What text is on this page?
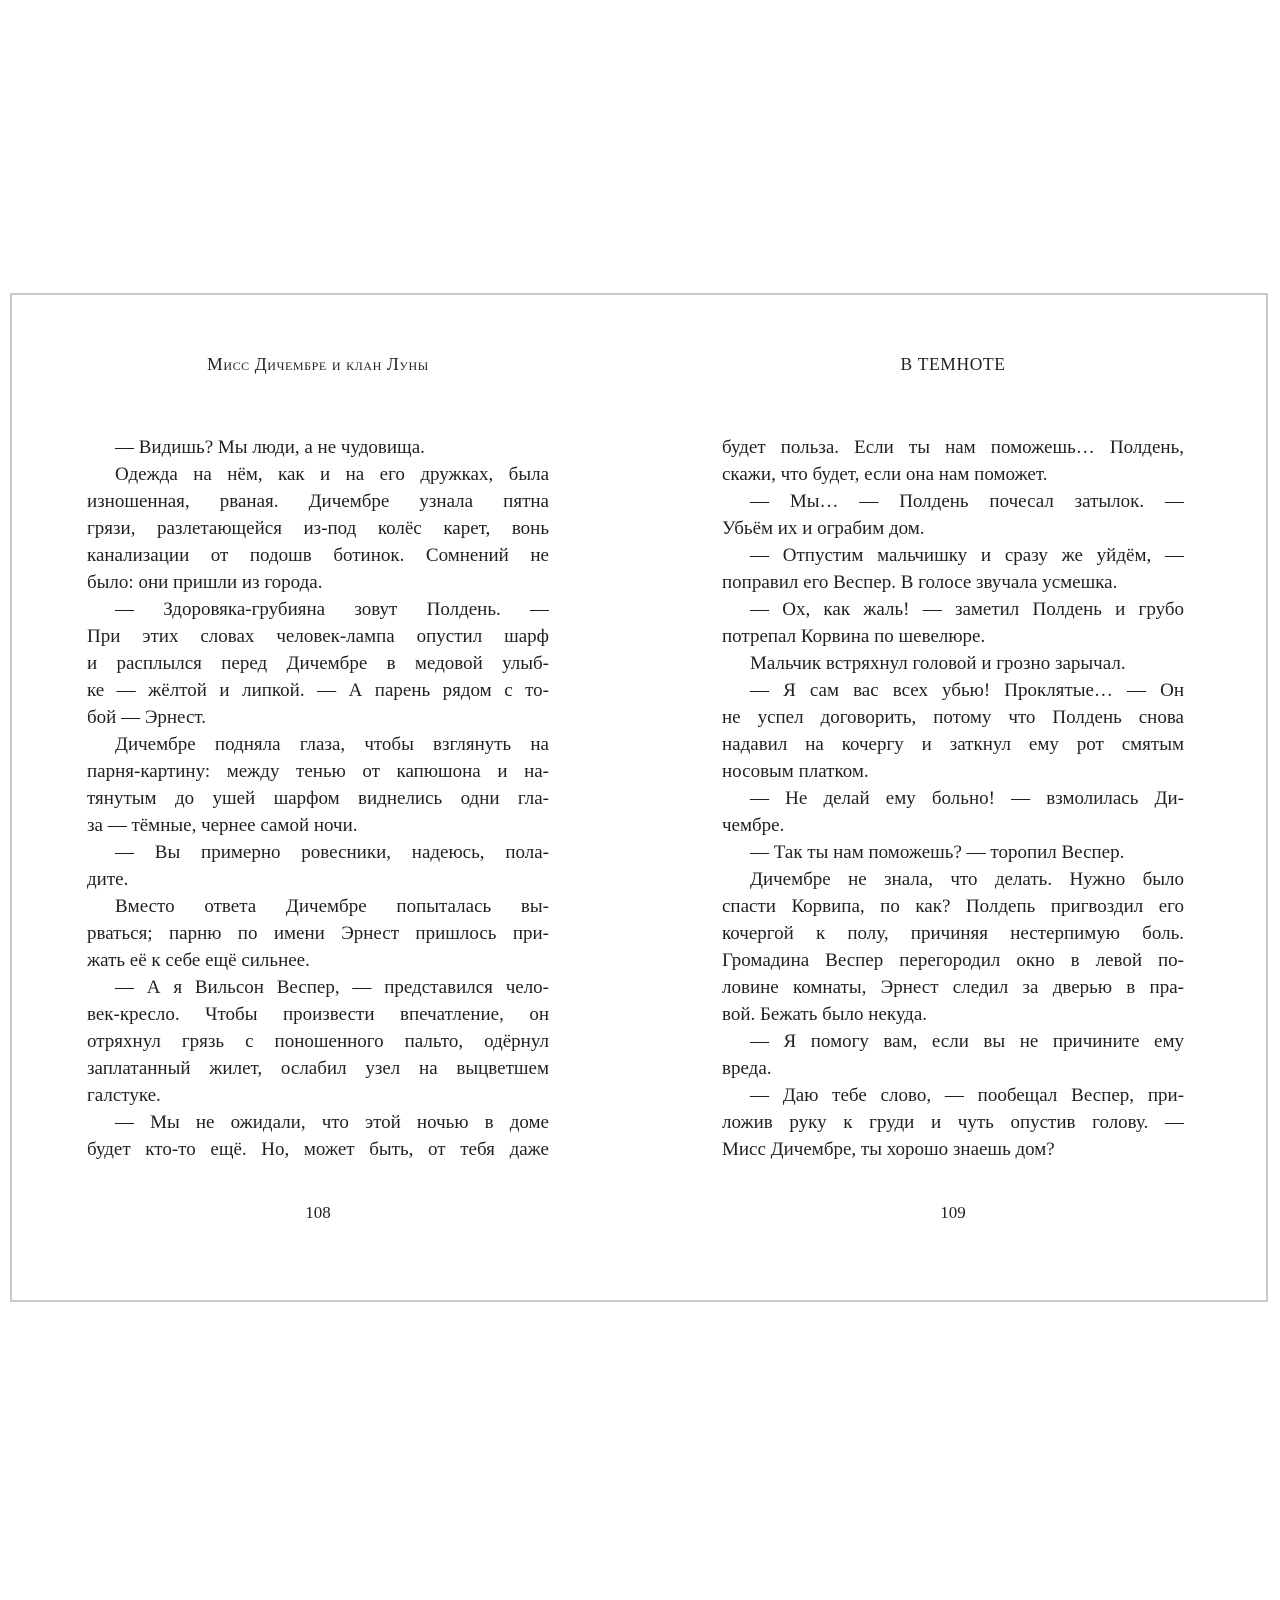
Мисс Дичембре и клан Луны
— Видишь? Мы люди, а не чудовища.
Одежда на нём, как и на его дружках, была
изношенная, рваная. Дичембре узнала пятна
грязи, разлетающейся из-под колёс карет, вонь
канализации от подошв ботинок. Сомнений не
было: они пришли из города.
— Здоровяка-грубияна зовут Полдень. —
При этих словах человек-лампа опустил шарф
и расплылся перед Дичембре в медовой улыб-
ке — жёлтой и липкой. — А парень рядом с то-
бой — Эрнест.
Дичембре подняла глаза, чтобы взглянуть на
парня-картину: между тенью от капюшона и на-
тянутым до ушей шарфом виднелись одни гла-
за — тёмные, чернее самой ночи.
— Вы примерно ровесники, надеюсь, пола-
дите.
Вместо ответа Дичембре попыталась вы-
рваться; парню по имени Эрнест пришлось при-
жать её к себе ещё сильнее.
— А я Вильсон Веспер, — представился чело-
век-кресло. Чтобы произвести впечатление, он
отряхнул грязь с поношенного пальто, одёрнул
заплатанный жилет, ослабил узел на выцветшем
галстуке.
— Мы не ожидали, что этой ночью в доме
будет кто-то ещё. Но, может быть, от тебя даже
108
В ТЕМНОТЕ
будет польза. Если ты нам поможешь… Полдень,
скажи, что будет, если она нам поможет.
— Мы… — Полдень почесал затылок. —
Убьём их и ограбим дом.
— Отпустим мальчишку и сразу же уйдём, —
поправил его Веспер. В голосе звучала усмешка.
— Ох, как жаль! — заметил Полдень и грубо
потрепал Корвина по шевелюре.
Мальчик встряхнул головой и грозно зарычал.
— Я сам вас всех убью! Проклятые… — Он
не успел договорить, потому что Полдень снова
надавил на кочергу и заткнул ему рот смятым
носовым платком.
— Не делай ему больно! — взмолилась Ди-
чембре.
— Так ты нам поможешь? — торопил Веспер.
Дичембре не знала, что делать. Нужно было
спасти Корвипа, по как? Полдепь пригвоздил его
кочергой к полу, причиняя нестерпимую боль.
Громадина Веспер перегородил окно в левой по-
ловине комнаты, Эрнест следил за дверью в пра-
вой. Бежать было некуда.
— Я помогу вам, если вы не причините ему
вреда.
— Даю тебе слово, — пообещал Веспер, при-
ложив руку к груди и чуть опустив голову. —
Мисс Дичембре, ты хорошо знаешь дом?
109
